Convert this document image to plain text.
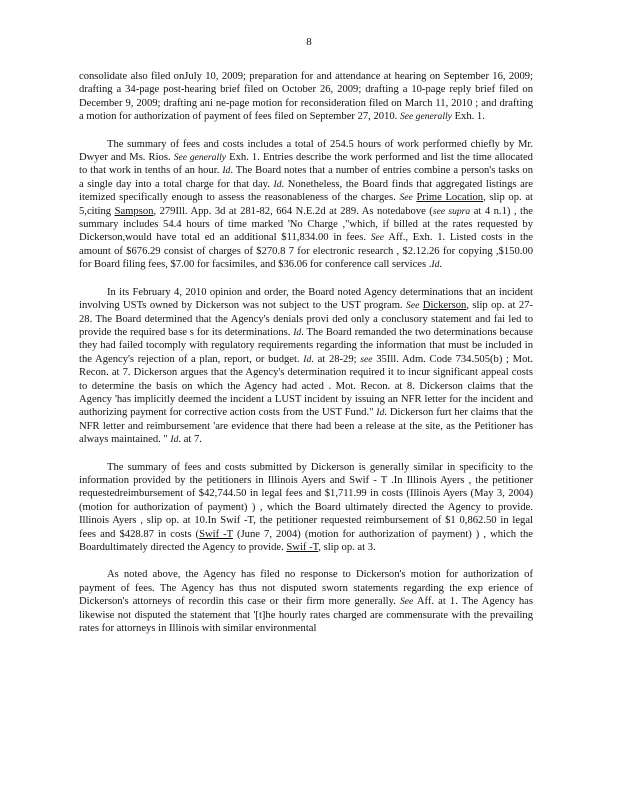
8

consolidate also filed onJuly 10, 2009; preparation for and attendance at hearing on September 16, 2009; drafting a 34-page post-hearing brief filed on October 26, 2009; drafting a 10-page reply brief filed on December 9, 2009; drafting ani ne-page motion for reconsideration filed on March 11, 2010 ; and drafting a motion for authorization of payment of fees filed on September 27, 2010. See generally Exh. 1.

The summary of fees and costs includes a total of 254.5 hours of work performed chiefly by Mr. Dwyer and Ms. Rios. See generally Exh. 1. Entries describe the work performed and list the time allocated to that work in tenths of an hour. Id. The Board notes that a number of entries combine a person's tasks on a single day into a total charge for that day. Id. Nonetheless, the Board finds that aggregated listings are itemized specifically enough to assess the reasonableness of the charges. See Prime Location, slip op. at 5,citing Sampson, 279Ill. App. 3d at 281-82, 664 N.E.2d at 289. As notedabove (see supra at 4 n.1) , the summary includes 54.4 hours of time marked 'No Charge ,"which, if billed at the rates requested by Dickerson,would have total ed an additional $11,834.00 in fees. See Aff., Exh. 1. Listed costs in the amount of $676.29 consist of charges of $270.8 7 for electronic research , $2.12.26 for copying ,$150.00 for Board filing fees, $7.00 for facsimiles, and $36.06 for conference call services .Id.

In its February 4, 2010 opinion and order, the Board noted Agency determinations that an incident involving USTs owned by Dickerson was not subject to the UST program. See Dickerson, slip op. at 27-28. The Board determined that the Agency's denials provi ded only a conclusory statement and fai led to provide the required base s for its determinations. Id. The Board remanded the two determinations because they had failed tocomply with regulatory requirements regarding the information that must be included in the Agency's rejection of a plan, report, or budget. Id. at 28-29; see 35Ill. Adm. Code 734.505(b) ; Mot. Recon. at 7. Dickerson argues that the Agency's determination required it to incur significant appeal costs to determine the basis on which the Agency had acted . Mot. Recon. at 8. Dickerson claims that the Agency 'has implicitly deemed the incident a LUST incident by issuing an NFR letter for the incident and authorizing payment for corrective action costs from the UST Fund." Id. Dickerson furt her claims that the NFR letter and reimbursement 'are evidence that there had been a release at the site, as the Petitioner has always maintained. " Id. at 7.

The summary of fees and costs submitted by Dickerson is generally similar in specificity to the information provided by the petitioners in Illinois Ayers and Swif - T .In Illinois Ayers , the petitioner requestedreimbursement of $42,744.50 in legal fees and $1,711.99 in costs (Illinois Ayers (May 3, 2004) (motion for authorization of payment) ) , which the Board ultimately directed the Agency to provide. Illinois Ayers , slip op. at 10.In Swif -T, the petitioner requested reimbursement of $1 0,862.50 in legal fees and $428.87 in costs (Swif -T (June 7, 2004) (motion for authorization of payment) ) , which the Boardultimately directed the Agency to provide. Swif -T, slip op. at 3.

As noted above, the Agency has filed no response to Dickerson's motion for authorization of payment of fees. The Agency has thus not disputed sworn statements regarding the exp erience of Dickerson's attorneys of recordin this case or their firm more generally. See Aff. at 1. The Agency has likewise not disputed the statement that '[t]he hourly rates charged are commensurate with the prevailing rates for attorneys in Illinois with similar environmental
